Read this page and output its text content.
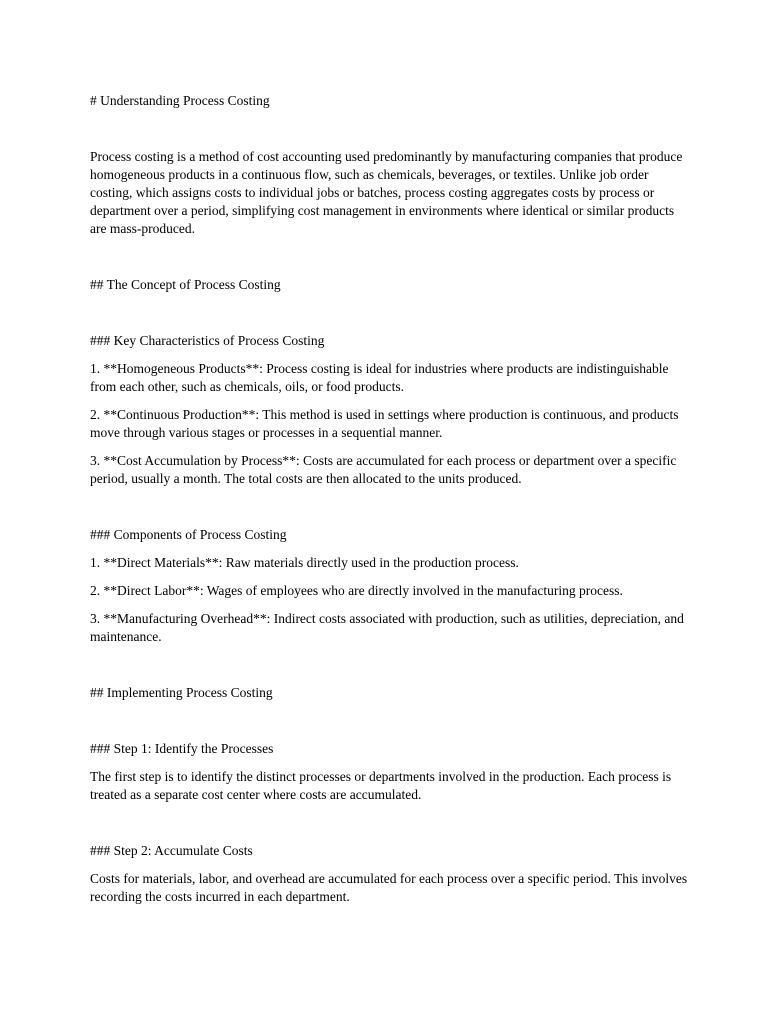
# Understanding Process Costing

Process costing is a method of cost accounting used predominantly by manufacturing companies that produce homogeneous products in a continuous flow, such as chemicals, beverages, or textiles. Unlike job order costing, which assigns costs to individual jobs or batches, process costing aggregates costs by process or department over a period, simplifying cost management in environments where identical or similar products are mass-produced.

## The Concept of Process Costing

### Key Characteristics of Process Costing

1. **Homogeneous Products**: Process costing is ideal for industries where products are indistinguishable from each other, such as chemicals, oils, or food products.

2. **Continuous Production**: This method is used in settings where production is continuous, and products move through various stages or processes in a sequential manner.

3. **Cost Accumulation by Process**: Costs are accumulated for each process or department over a specific period, usually a month. The total costs are then allocated to the units produced.

### Components of Process Costing

1. **Direct Materials**: Raw materials directly used in the production process.

2. **Direct Labor**: Wages of employees who are directly involved in the manufacturing process.

3. **Manufacturing Overhead**: Indirect costs associated with production, such as utilities, depreciation, and maintenance.

## Implementing Process Costing

### Step 1: Identify the Processes

The first step is to identify the distinct processes or departments involved in the production. Each process is treated as a separate cost center where costs are accumulated.

### Step 2: Accumulate Costs

Costs for materials, labor, and overhead are accumulated for each process over a specific period. This involves recording the costs incurred in each department.
